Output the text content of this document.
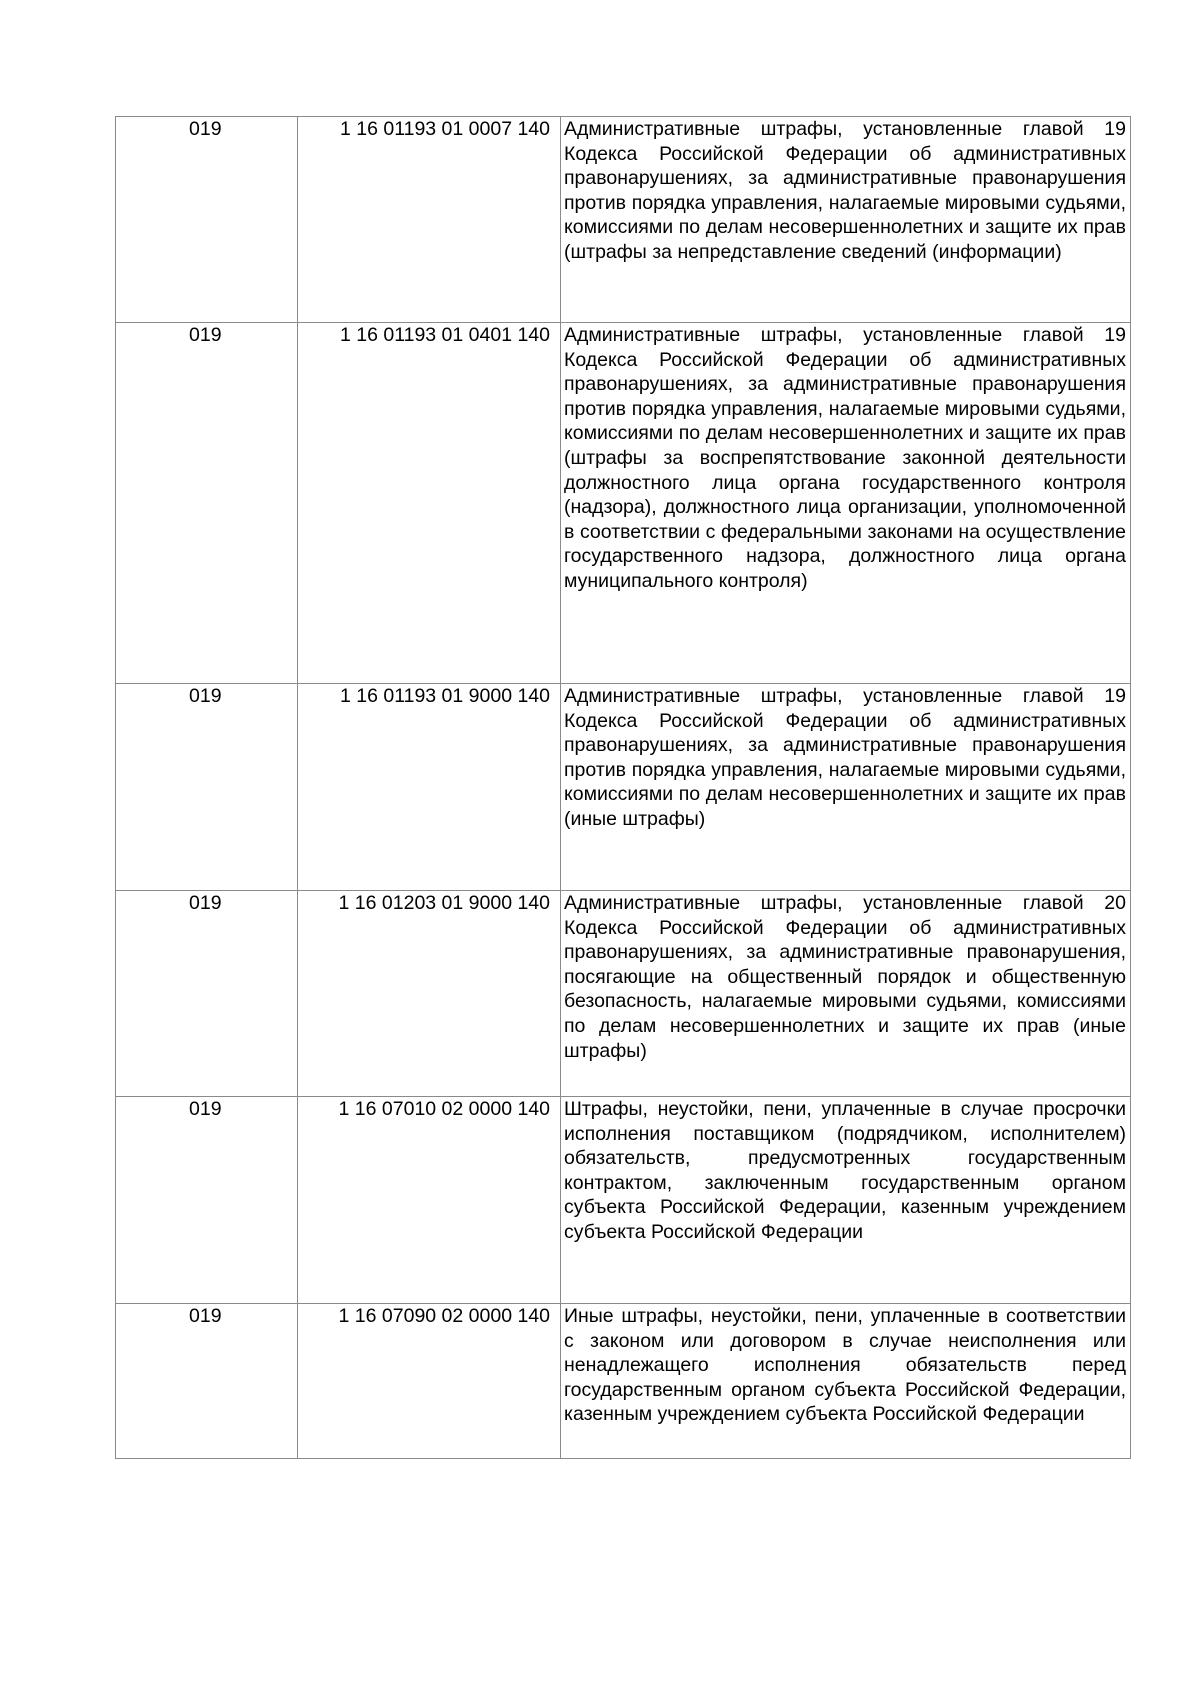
019	1 16 01193 01 0007 140	Административные штрафы, установленные главой 19 Кодекса Российской Федерации об административных правонарушениях, за административные правонарушения против порядка управления, налагаемые мировыми судьями, комиссиями по делам несовершеннолетних и защите их прав (штрафы за непредставление сведений (информации)

019	1 16 01193 01 0401 140	Административные штрафы, установленные главой 19 Кодекса Российской Федерации об административных правонарушениях, за административные правонарушения против порядка управления, налагаемые мировыми судьями, комиссиями по делам несовершеннолетних и защите их прав (штрафы за воспрепятствование законной деятельности должностного лица органа государственного контроля (надзора), должностного лица организации, уполномоченной в соответствии с федеральными законами на осуществление государственного надзора, должностного лица органа муниципального контроля)

019	1 16 01193 01 9000 140	Административные штрафы, установленные главой 19 Кодекса Российской Федерации об административных правонарушениях, за административные правонарушения против порядка управления, налагаемые мировыми судьями, комиссиями по делам несовершеннолетних и защите их прав (иные штрафы)

019	1 16 01203 01 9000 140	Административные штрафы, установленные главой 20 Кодекса Российской Федерации об административных правонарушениях, за административные правонарушения, посягающие на общественный порядок и общественную безопасность, налагаемые мировыми судьями, комиссиями по делам несовершеннолетних и защите их прав (иные штрафы)

019	1 16 07010 02 0000 140	Штрафы, неустойки, пени, уплаченные в случае просрочки исполнения поставщиком (подрядчиком, исполнителем) обязательств, предусмотренных государственным контрактом, заключенным государственным органом субъекта Российской Федерации, казенным учреждением субъекта Российской Федерации

019	1 16 07090 02 0000 140	Иные штрафы, неустойки, пени, уплаченные в соответствии с законом или договором в случае неисполнения или ненадлежащего исполнения обязательств перед государственным органом субъекта Российской Федерации, казенным учреждением субъекта Российской Федерации
